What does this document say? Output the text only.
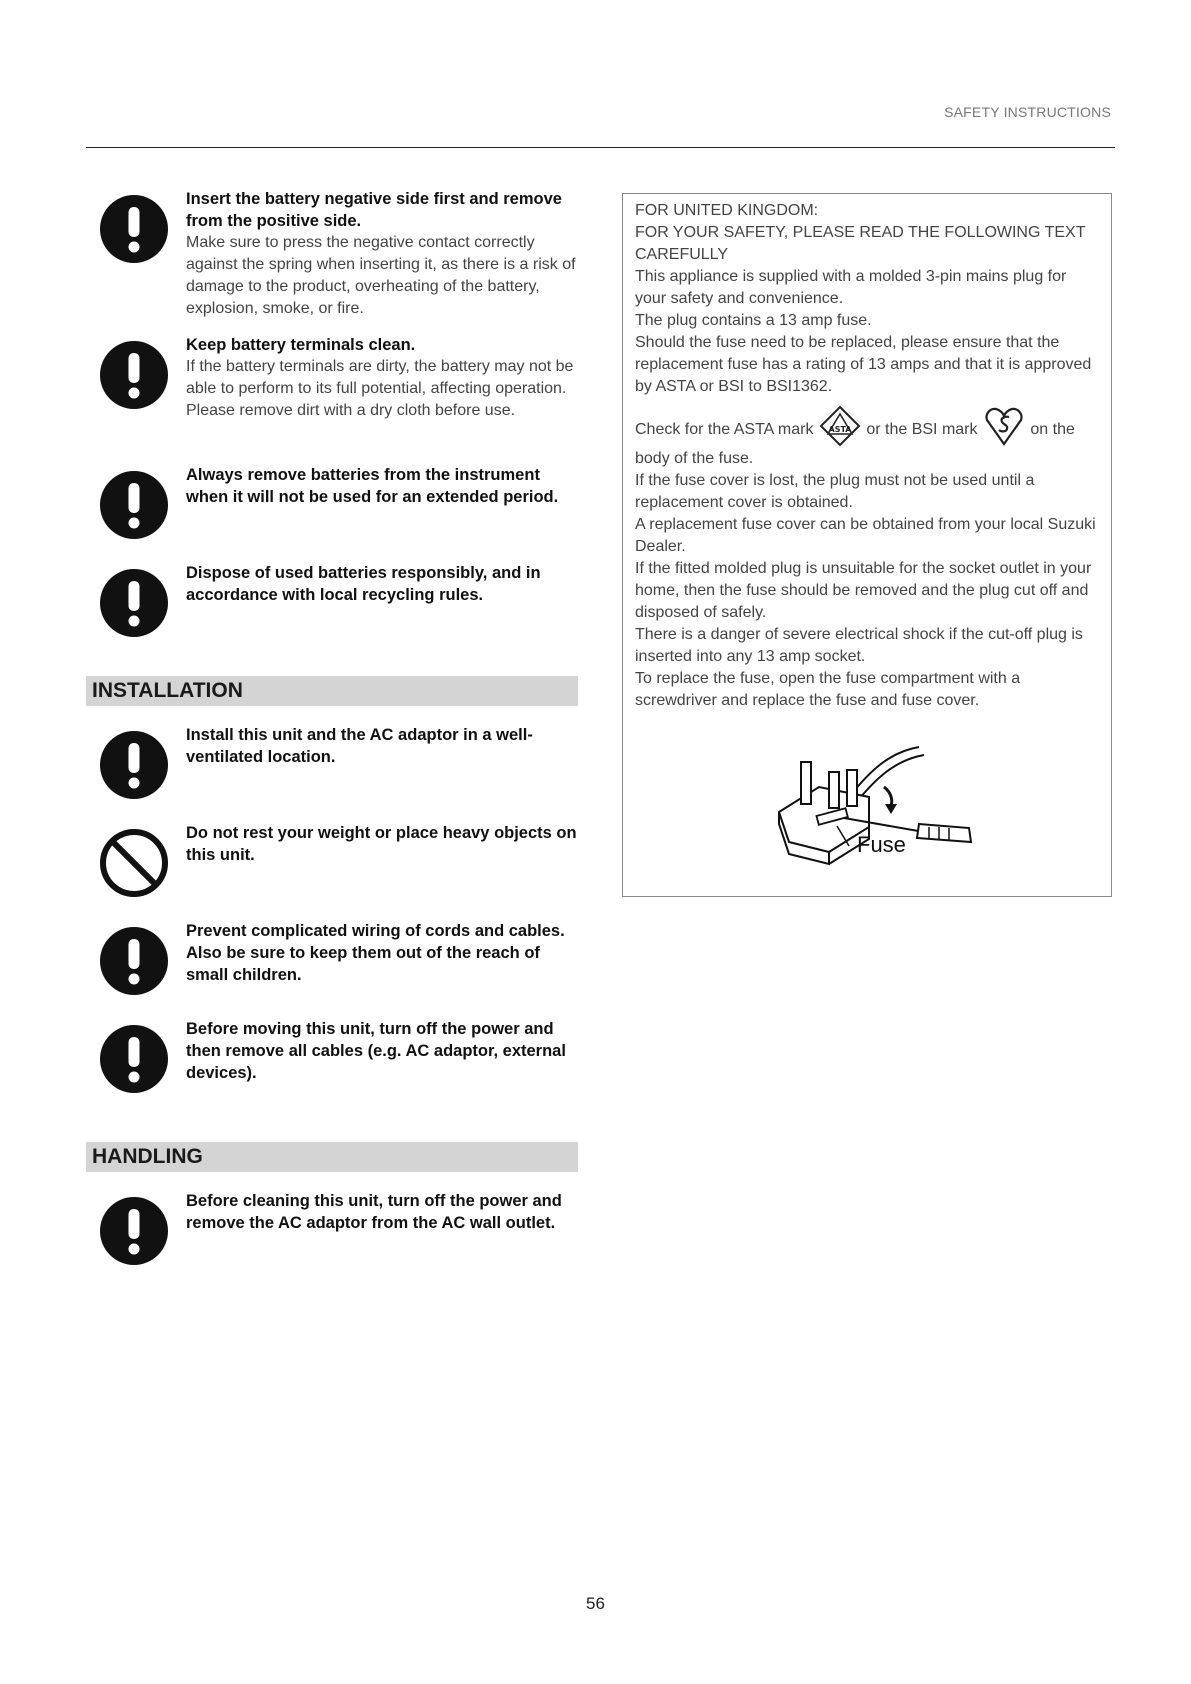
SAFETY INSTRUCTIONS
Insert the battery negative side first and remove from the positive side.
Make sure to press the negative contact correctly against the spring when inserting it, as there is a risk of damage to the product, overheating of the battery, explosion, smoke, or fire.
Keep battery terminals clean.
If the battery terminals are dirty, the battery may not be able to perform to its full potential, affecting operation. Please remove dirt with a dry cloth before use.
Always remove batteries from the instrument when it will not be used for an extended period.
Dispose of used batteries responsibly, and in accordance with local recycling rules.
INSTALLATION
Install this unit and the AC adaptor in a well-ventilated location.
Do not rest your weight or place heavy objects on this unit.
Prevent complicated wiring of cords and cables. Also be sure to keep them out of the reach of small children.
Before moving this unit, turn off the power and then remove all cables (e.g. AC adaptor, external devices).
HANDLING
Before cleaning this unit, turn off the power and remove the AC adaptor from the AC wall outlet.

FOR UNITED KINGDOM:

FOR YOUR SAFETY, PLEASE READ THE FOLLOWING TEXT CAREFULLY

This appliance is supplied with a molded 3-pin mains plug for your safety and convenience.

The plug contains a 13 amp fuse.

Should the fuse need to be replaced, please ensure that the replacement fuse has a rating of 13 amps and that it is approved by ASTA or BSI to BSI1362.

Check for the ASTA mark ASTA or the BSI mark	on the body of the fuse.

If the fuse cover is lost, the plug must not be used until a replacement cover is obtained.

A replacement fuse cover can be obtained from your local Suzuki Dealer.

If the fitted molded plug is unsuitable for the socket outlet in your home, then the fuse should be removed and the plug cut off and disposed of safely.

There is a danger of severe electrical shock if the cut-off plug is inserted into any 13 amp socket.

To replace the fuse, open the fuse compartment with a screwdriver and replace the fuse and fuse cover.

Fuse
56
